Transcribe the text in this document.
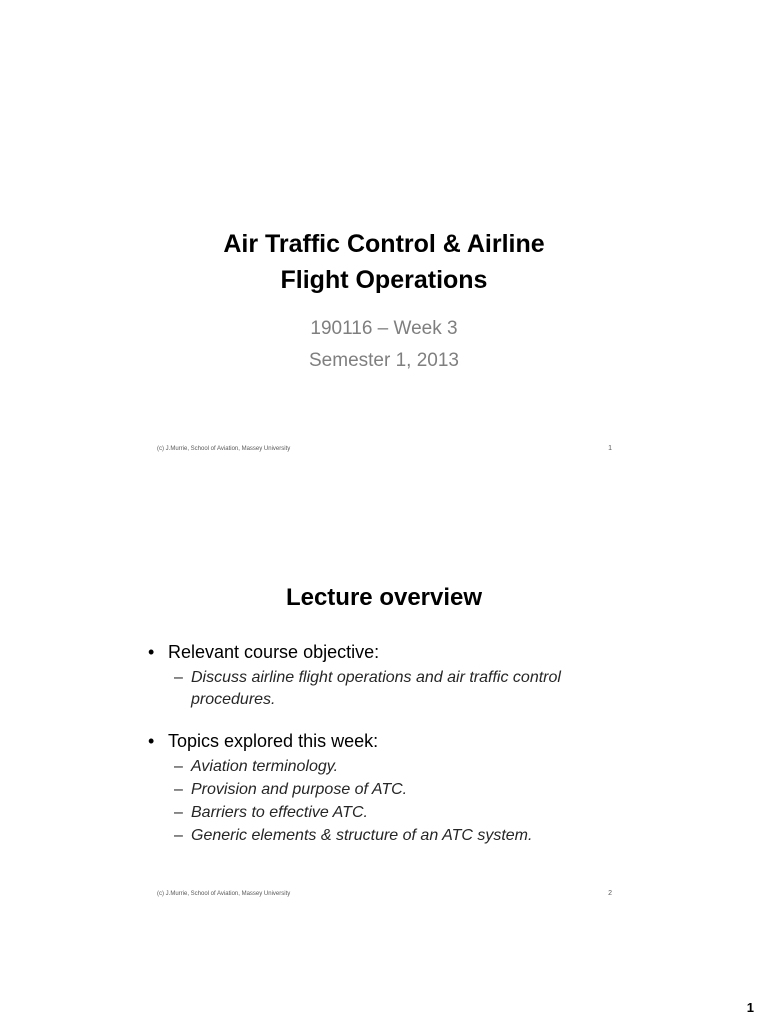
Air Traffic Control & Airline
Flight Operations
190116 – Week 3
Semester 1, 2013
(c) J.Murrie, School of Aviation, Massey University	1
Lecture overview
• Relevant course objective:
– Discuss airline flight operations and air traffic control procedures.
• Topics explored this week:
– Aviation terminology.
– Provision and purpose of ATC.
– Barriers to effective ATC.
– Generic elements & structure of an ATC system.
(c) J.Murrie, School of Aviation, Massey University	2
1
